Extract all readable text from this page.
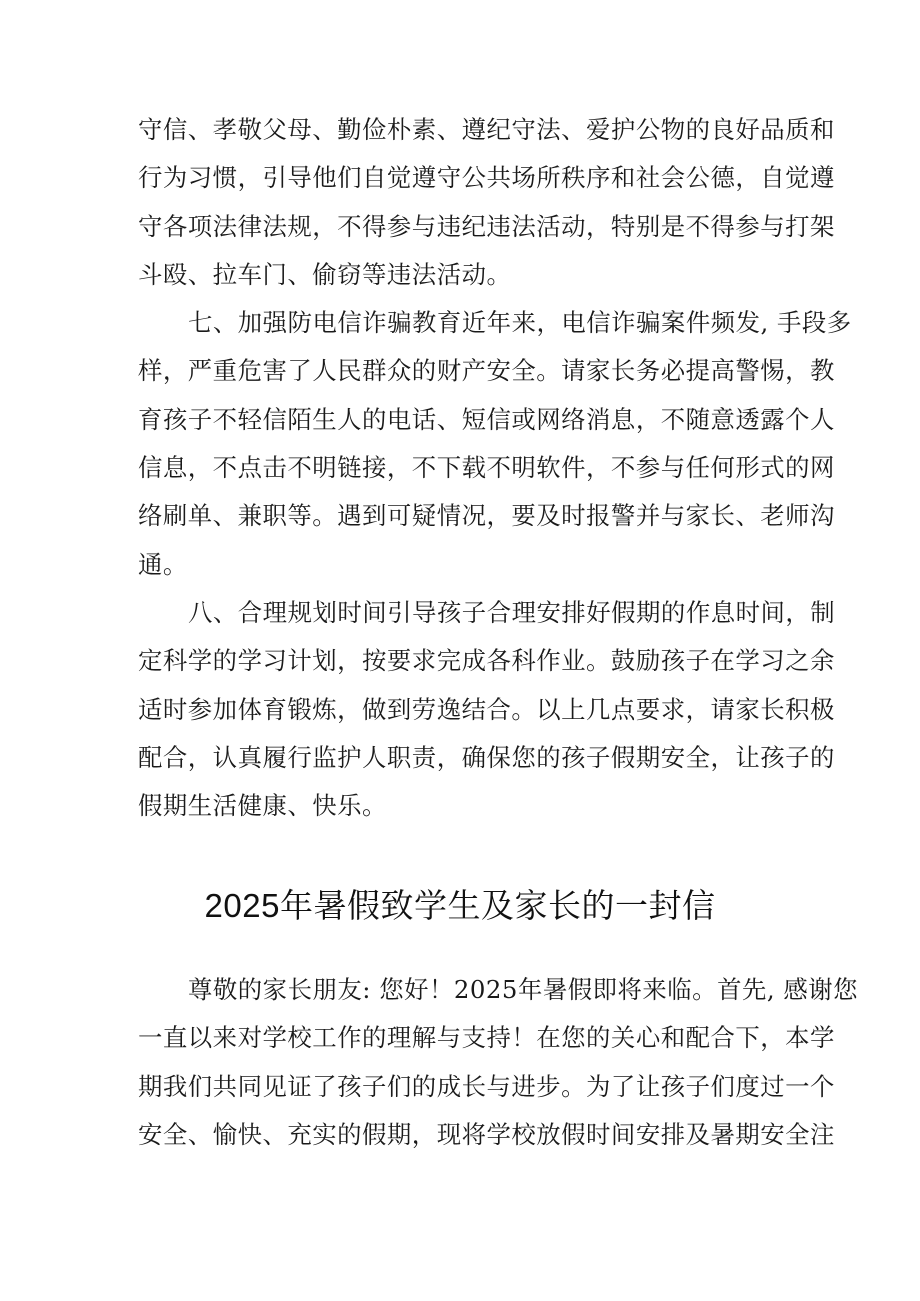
守信、孝敬父母、勤俭朴素、遵纪守法、爱护公物的良好品质和
行为习惯，引导他们自觉遵守公共场所秩序和社会公德，自觉遵
守各项法律法规，不得参与违纪违法活动，特别是不得参与打架
斗殴、拉车门、偷窃等违法活动。
七、加强防电信诈骗教育近年来，电信诈骗案件频发, 手段多
样，严重危害了人民群众的财产安全。请家长务必提高警惕，教
育孩子不轻信陌生人的电话、短信或网络消息，不随意透露个人
信息，不点击不明链接，不下载不明软件，不参与任何形式的网
络刷单、兼职等。遇到可疑情况，要及时报警并与家长、老师沟
通。
八、合理规划时间引导孩子合理安排好假期的作息时间，制
定科学的学习计划，按要求完成各科作业。鼓励孩子在学习之余
适时参加体育锻炼，做到劳逸结合。以上几点要求，请家长积极
配合，认真履行监护人职责，确保您的孩子假期安全，让孩子的
假期生活健康、快乐。
2025年暑假致学生及家长的一封信
尊敬的家长朋友: 您好！2025年暑假即将来临。首先, 感谢您
一直以来对学校工作的理解与支持！在您的关心和配合下，本学
期我们共同见证了孩子们的成长与进步。为了让孩子们度过一个
安全、愉快、充实的假期，现将学校放假时间安排及暑期安全注
